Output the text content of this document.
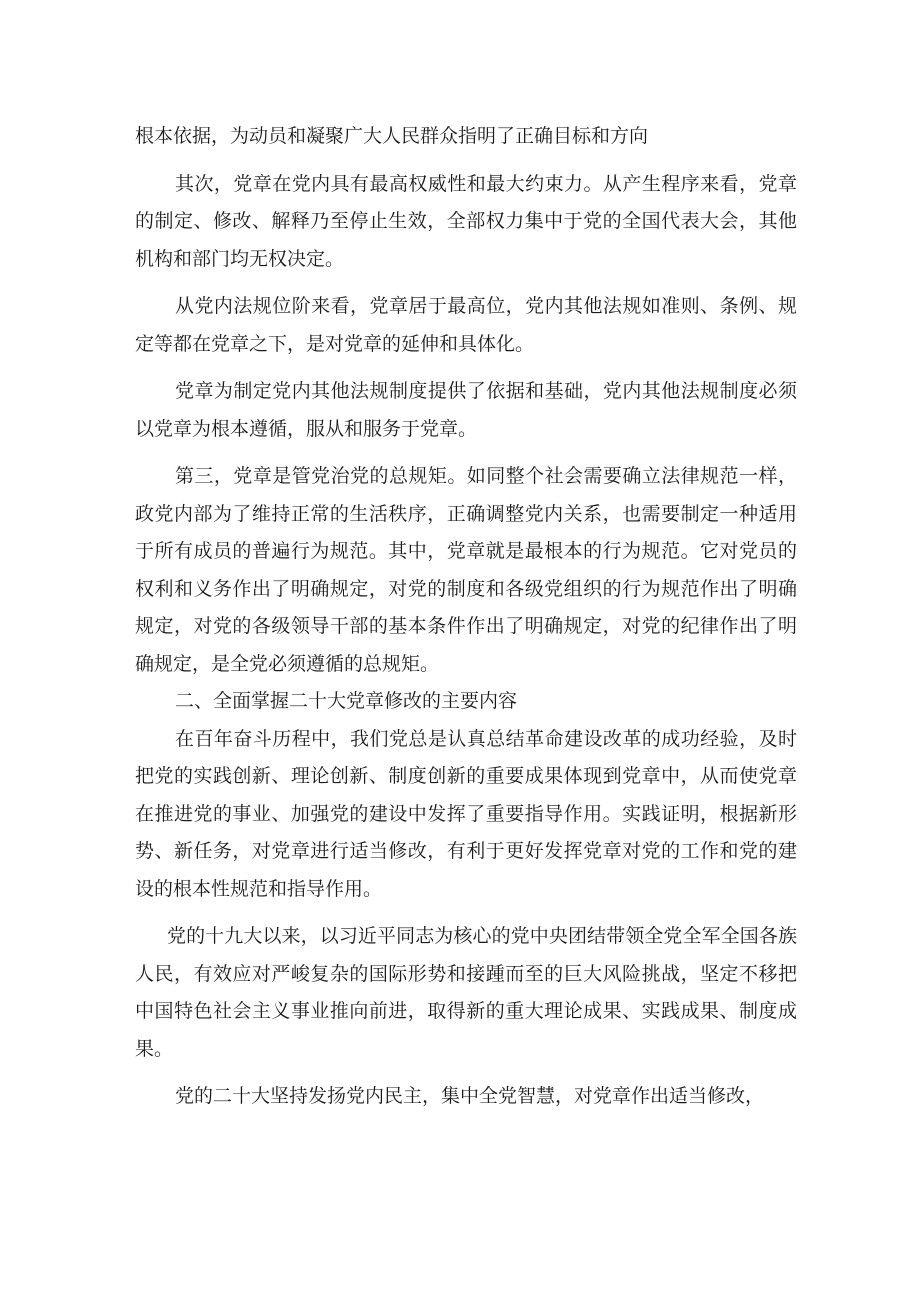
根本依据，为动员和凝聚广大人民群众指明了正确目标和方向

其次，党章在党内具有最高权威性和最大约束力。从产生程序来看，党章的制定、修改、解释乃至停止生效，全部权力集中于党的全国代表大会，其他机构和部门均无权决定。

从党内法规位阶来看，党章居于最高位，党内其他法规如准则、条例、规定等都在党章之下，是对党章的延伸和具体化。

党章为制定党内其他法规制度提供了依据和基础，党内其他法规制度必须以党章为根本遵循，服从和服务于党章。

第三，党章是管党治党的总规矩。如同整个社会需要确立法律规范一样，政党内部为了维持正常的生活秩序，正确调整党内关系，也需要制定一种适用于所有成员的普遍行为规范。其中，党章就是最根本的行为规范。它对党员的权利和义务作出了明确规定，对党的制度和各级党组织的行为规范作出了明确规定，对党的各级领导干部的基本条件作出了明确规定，对党的纪律作出了明确规定，是全党必须遵循的总规矩。

二、全面掌握二十大党章修改的主要内容

在百年奋斗历程中，我们党总是认真总结革命建设改革的成功经验，及时把党的实践创新、理论创新、制度创新的重要成果体现到党章中，从而使党章在推进党的事业、加强党的建设中发挥了重要指导作用。实践证明，根据新形势、新任务，对党章进行适当修改，有利于更好发挥党章对党的工作和党的建设的根本性规范和指导作用。

党的十九大以来，以习近平同志为核心的党中央团结带领全党全军全国各族人民，有效应对严峻复杂的国际形势和接踵而至的巨大风险挑战，坚定不移把中国特色社会主义事业推向前进，取得新的重大理论成果、实践成果、制度成果。

党的二十大坚持发扬党内民主，集中全党智慧，对党章作出适当修改，
